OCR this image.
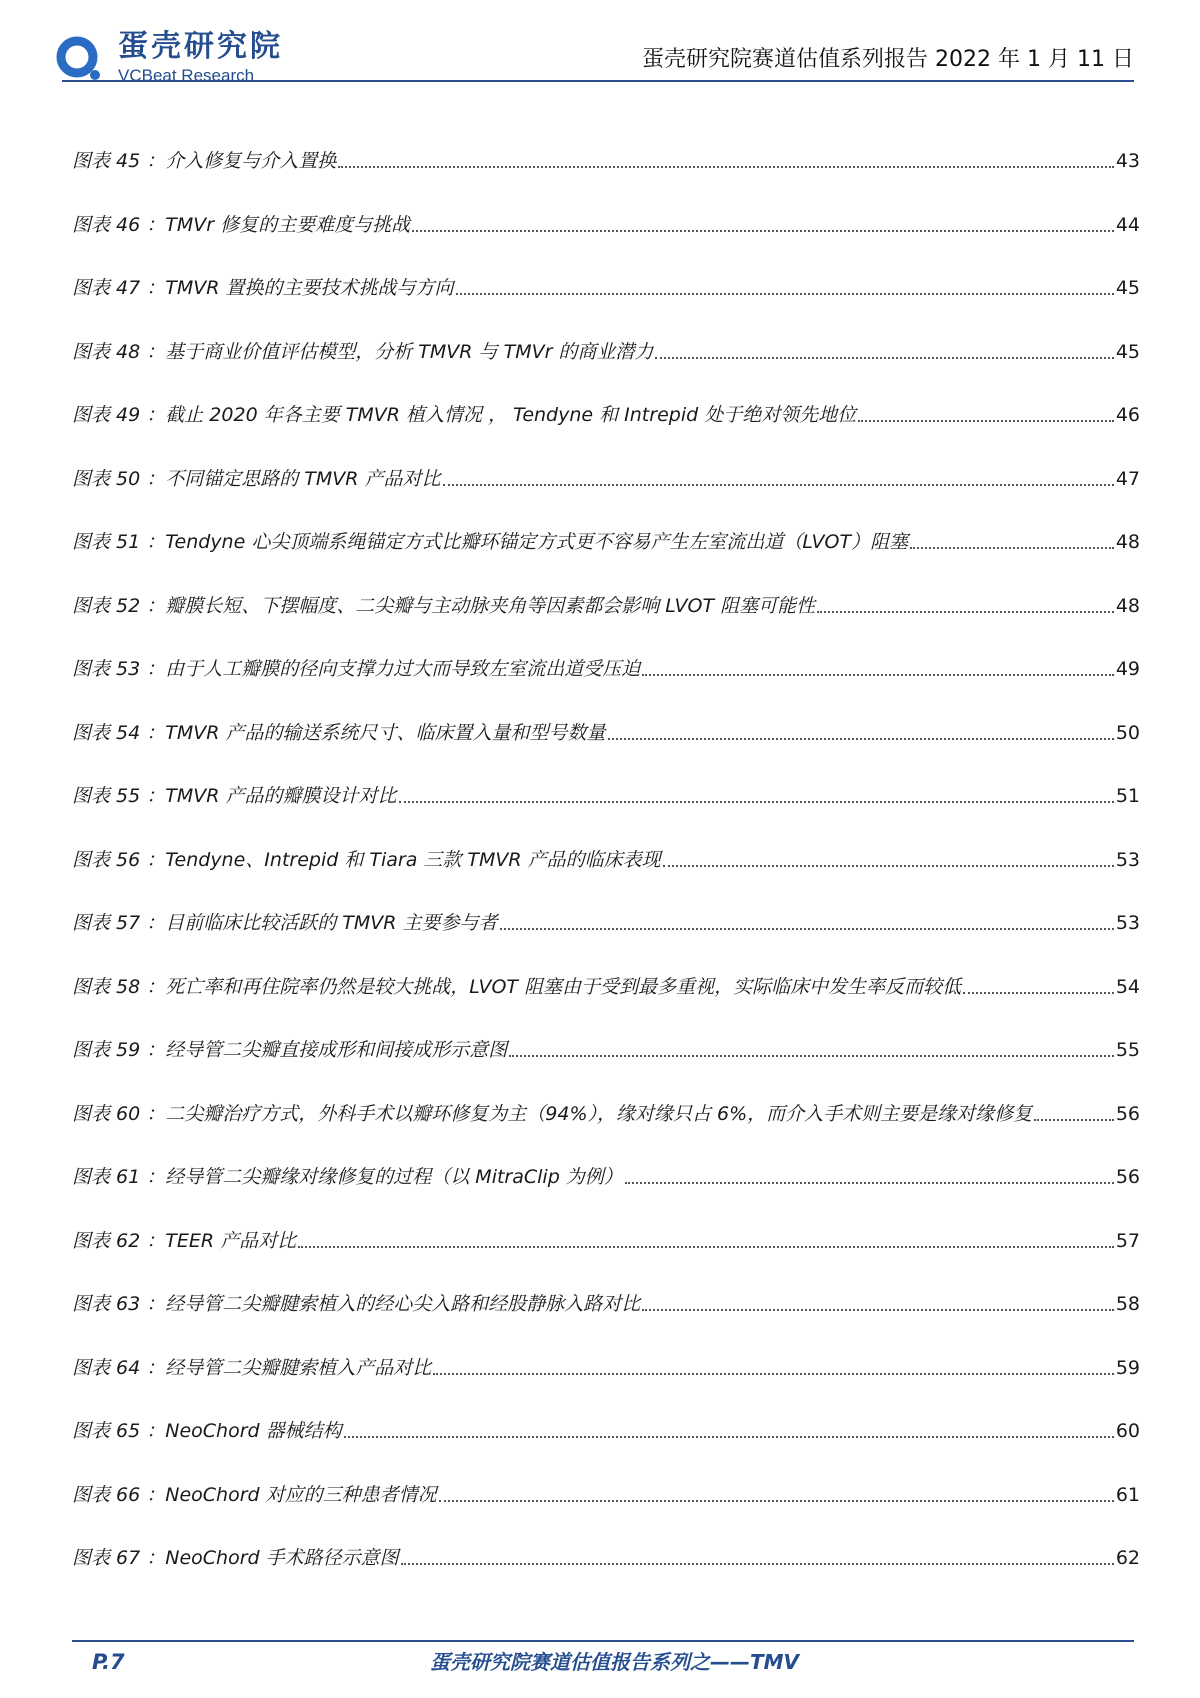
蛋壳研究院
VCBeat Research
蛋壳研究院赛道估值系列报告 2022 年 1 月 11 日
图表 45 ： 介入修复与介入置换	43
图表 46 ： TMVr 修复的主要难度与挑战	44
图表 47 ： TMVR 置换的主要技术挑战与方向	45
图表 48 ： 基于商业价值评估模型，分析 TMVR 与 TMVr 的商业潜力	45
图表 49 ： 截止 2020 年各主要 TMVR 植入情况 ， Tendyne 和 Intrepid 处于绝对领先地位	46
图表 50 ： 不同锚定思路的 TMVR 产品对比	47
图表 51 ： Tendyne 心尖顶端系绳锚定方式比瓣环锚定方式更不容易产生左室流出道（LVOT）阻塞	48
图表 52 ： 瓣膜长短、下摆幅度、二尖瓣与主动脉夹角等因素都会影响 LVOT 阻塞可能性	48
图表 53 ： 由于人工瓣膜的径向支撑力过大而导致左室流出道受压迫	49
图表 54 ： TMVR 产品的输送系统尺寸、临床置入量和型号数量	50
图表 55 ： TMVR 产品的瓣膜设计对比	51
图表 56 ： Tendyne、Intrepid 和 Tiara 三款 TMVR 产品的临床表现	53
图表 57 ： 目前临床比较活跃的 TMVR 主要参与者	53
图表 58 ： 死亡率和再住院率仍然是较大挑战，LVOT 阻塞由于受到最多重视，实际临床中发生率反而较低	54
图表 59 ： 经导管二尖瓣直接成形和间接成形示意图	55
图表 60 ： 二尖瓣治疗方式，外科手术以瓣环修复为主（94%），缘对缘只占 6%，而介入手术则主要是缘对缘修复	56
图表 61 ： 经导管二尖瓣缘对缘修复的过程（以 MitraClip 为例）	56
图表 62 ： TEER 产品对比	57
图表 63 ： 经导管二尖瓣腱索植入的经心尖入路和经股静脉入路对比	58
图表 64 ： 经导管二尖瓣腱索植入产品对比	59
图表 65 ： NeoChord 器械结构	60
图表 66 ： NeoChord 对应的三种患者情况	61
图表 67 ： NeoChord 手术路径示意图	62
P.7	蛋壳研究院赛道估值报告系列之——TMV
